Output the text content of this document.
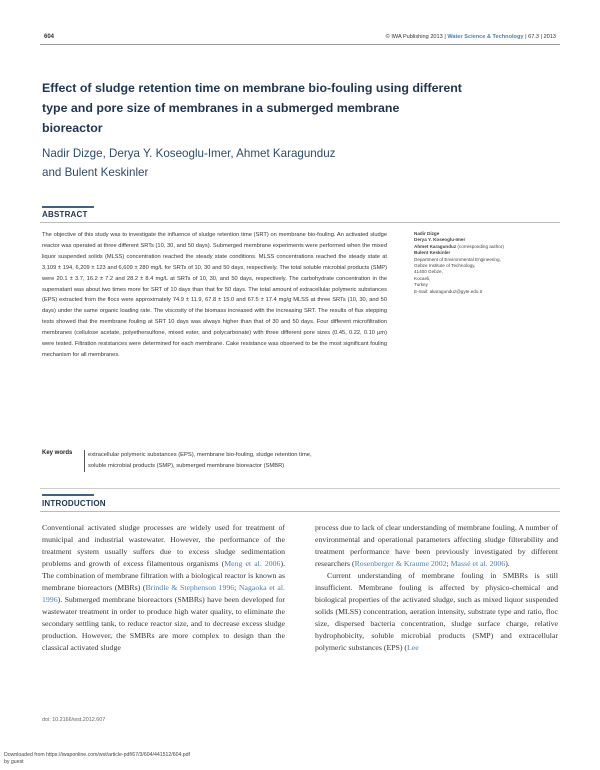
604	© IWA Publishing 2013 | Water Science & Technology | 67.3 | 2013
Effect of sludge retention time on membrane bio-fouling using different type and pore size of membranes in a submerged membrane bioreactor
Nadir Dizge, Derya Y. Koseoglu-Imer, Ahmet Karagunduz
and Bulent Keskinler
ABSTRACT
The objective of this study was to investigate the influence of sludge retention time (SRT) on membrane bio-fouling. An activated sludge reactor was operated at three different SRTs (10, 30, and 50 days). Submerged membrane experiments were performed when the mixed liquor suspended solids (MLSS) concentration reached the steady state conditions. MLSS concentrations reached the steady state at 3,109 ± 194, 6,209 ± 123 and 6,609 ± 280 mg/L for SRTs of 10, 30 and 50 days, respectively. The total soluble microbial products (SMP) were 20.1 ± 3.7, 16.2 ± 7.2 and 28.2 ± 8.4 mg/L at SRTs of 10, 30, and 50 days, respectively. The carbohydrate concentration in the supernatant was about two times more for SRT of 10 days than that for 50 days. The total amount of extracellular polymeric substances (EPS) extracted from the flocs were approximately 74.9 ± 11.9, 67.8 ± 15.0 and 67.5 ± 17.4 mg/g MLSS at three SRTs (10, 30, and 50 days) under the same organic loading rate. The viscosity of the biomass increased with the increasing SRT. The results of flux stepping tests showed that the membrane fouling at SRT 10 days was always higher than that of 30 and 50 days. Four different microfiltration membranes (cellulose acetate, polyethersulfone, mixed ester, and polycarbonate) with three different pore sizes (0.45, 0.22, 0.10 µm) were tested. Filtration resistances were determined for each membrane. Cake resistance was observed to be the most significant fouling mechanism for all membranes.
Nadir Dizge
Derya Y. Koseoglu-Imer
Ahmet Karagunduz (corresponding author)
Bulent Keskinler
Department of Environmental Engineering,
Gebze Institute of Technology,
41400 Gebze,
Kocaeli,
Turkey
E-mail: akaragunduz@gyte.edu.tr
Key words	extracellular polymeric substances (EPS), membrane bio-fouling, sludge retention time,
soluble microbial products (SMP), submerged membrane bioreactor (SMBR)
INTRODUCTION
Conventional activated sludge processes are widely used for treatment of municipal and industrial wastewater. However, the performance of the treatment system usually suffers due to excess sludge sedimentation problems and growth of excess filamentous organisms (Meng et al. 2006). The combination of membrane filtration with a biological reactor is known as membrane bioreactors (MBRs) (Brindle & Stephenson 1996; Nagaoka et al. 1996). Submerged membrane bioreactors (SMBRs) have been developed for wastewater treatment in order to produce high water quality, to eliminate the secondary settling tank, to reduce reactor size, and to decrease excess sludge production. However, the SMBRs are more complex to design than the classical activated sludge
process due to lack of clear understanding of membrane fouling. A number of environmental and operational parameters affecting sludge filterability and treatment performance have been previously investigated by different researchers (Rosenberger & Kraume 2002; Massé et al. 2006).
Current understanding of membrane fouling in SMBRs is still insufficient. Membrane fouling is affected by physico-chemical and biological properties of the activated sludge, such as mixed liquor suspended solids (MLSS) concentration, aeration intensity, substrate type and ratio, floc size, dispersed bacteria concentration, sludge surface charge, relative hydrophobicity, soluble microbial products (SMP) and extracellular polymeric substances (EPS) (Lee
doi: 10.2166/wst.2012.607
Downloaded from https://iwaponline.com/wst/article-pdf/67/3/604/441512/604.pdf
by guest
